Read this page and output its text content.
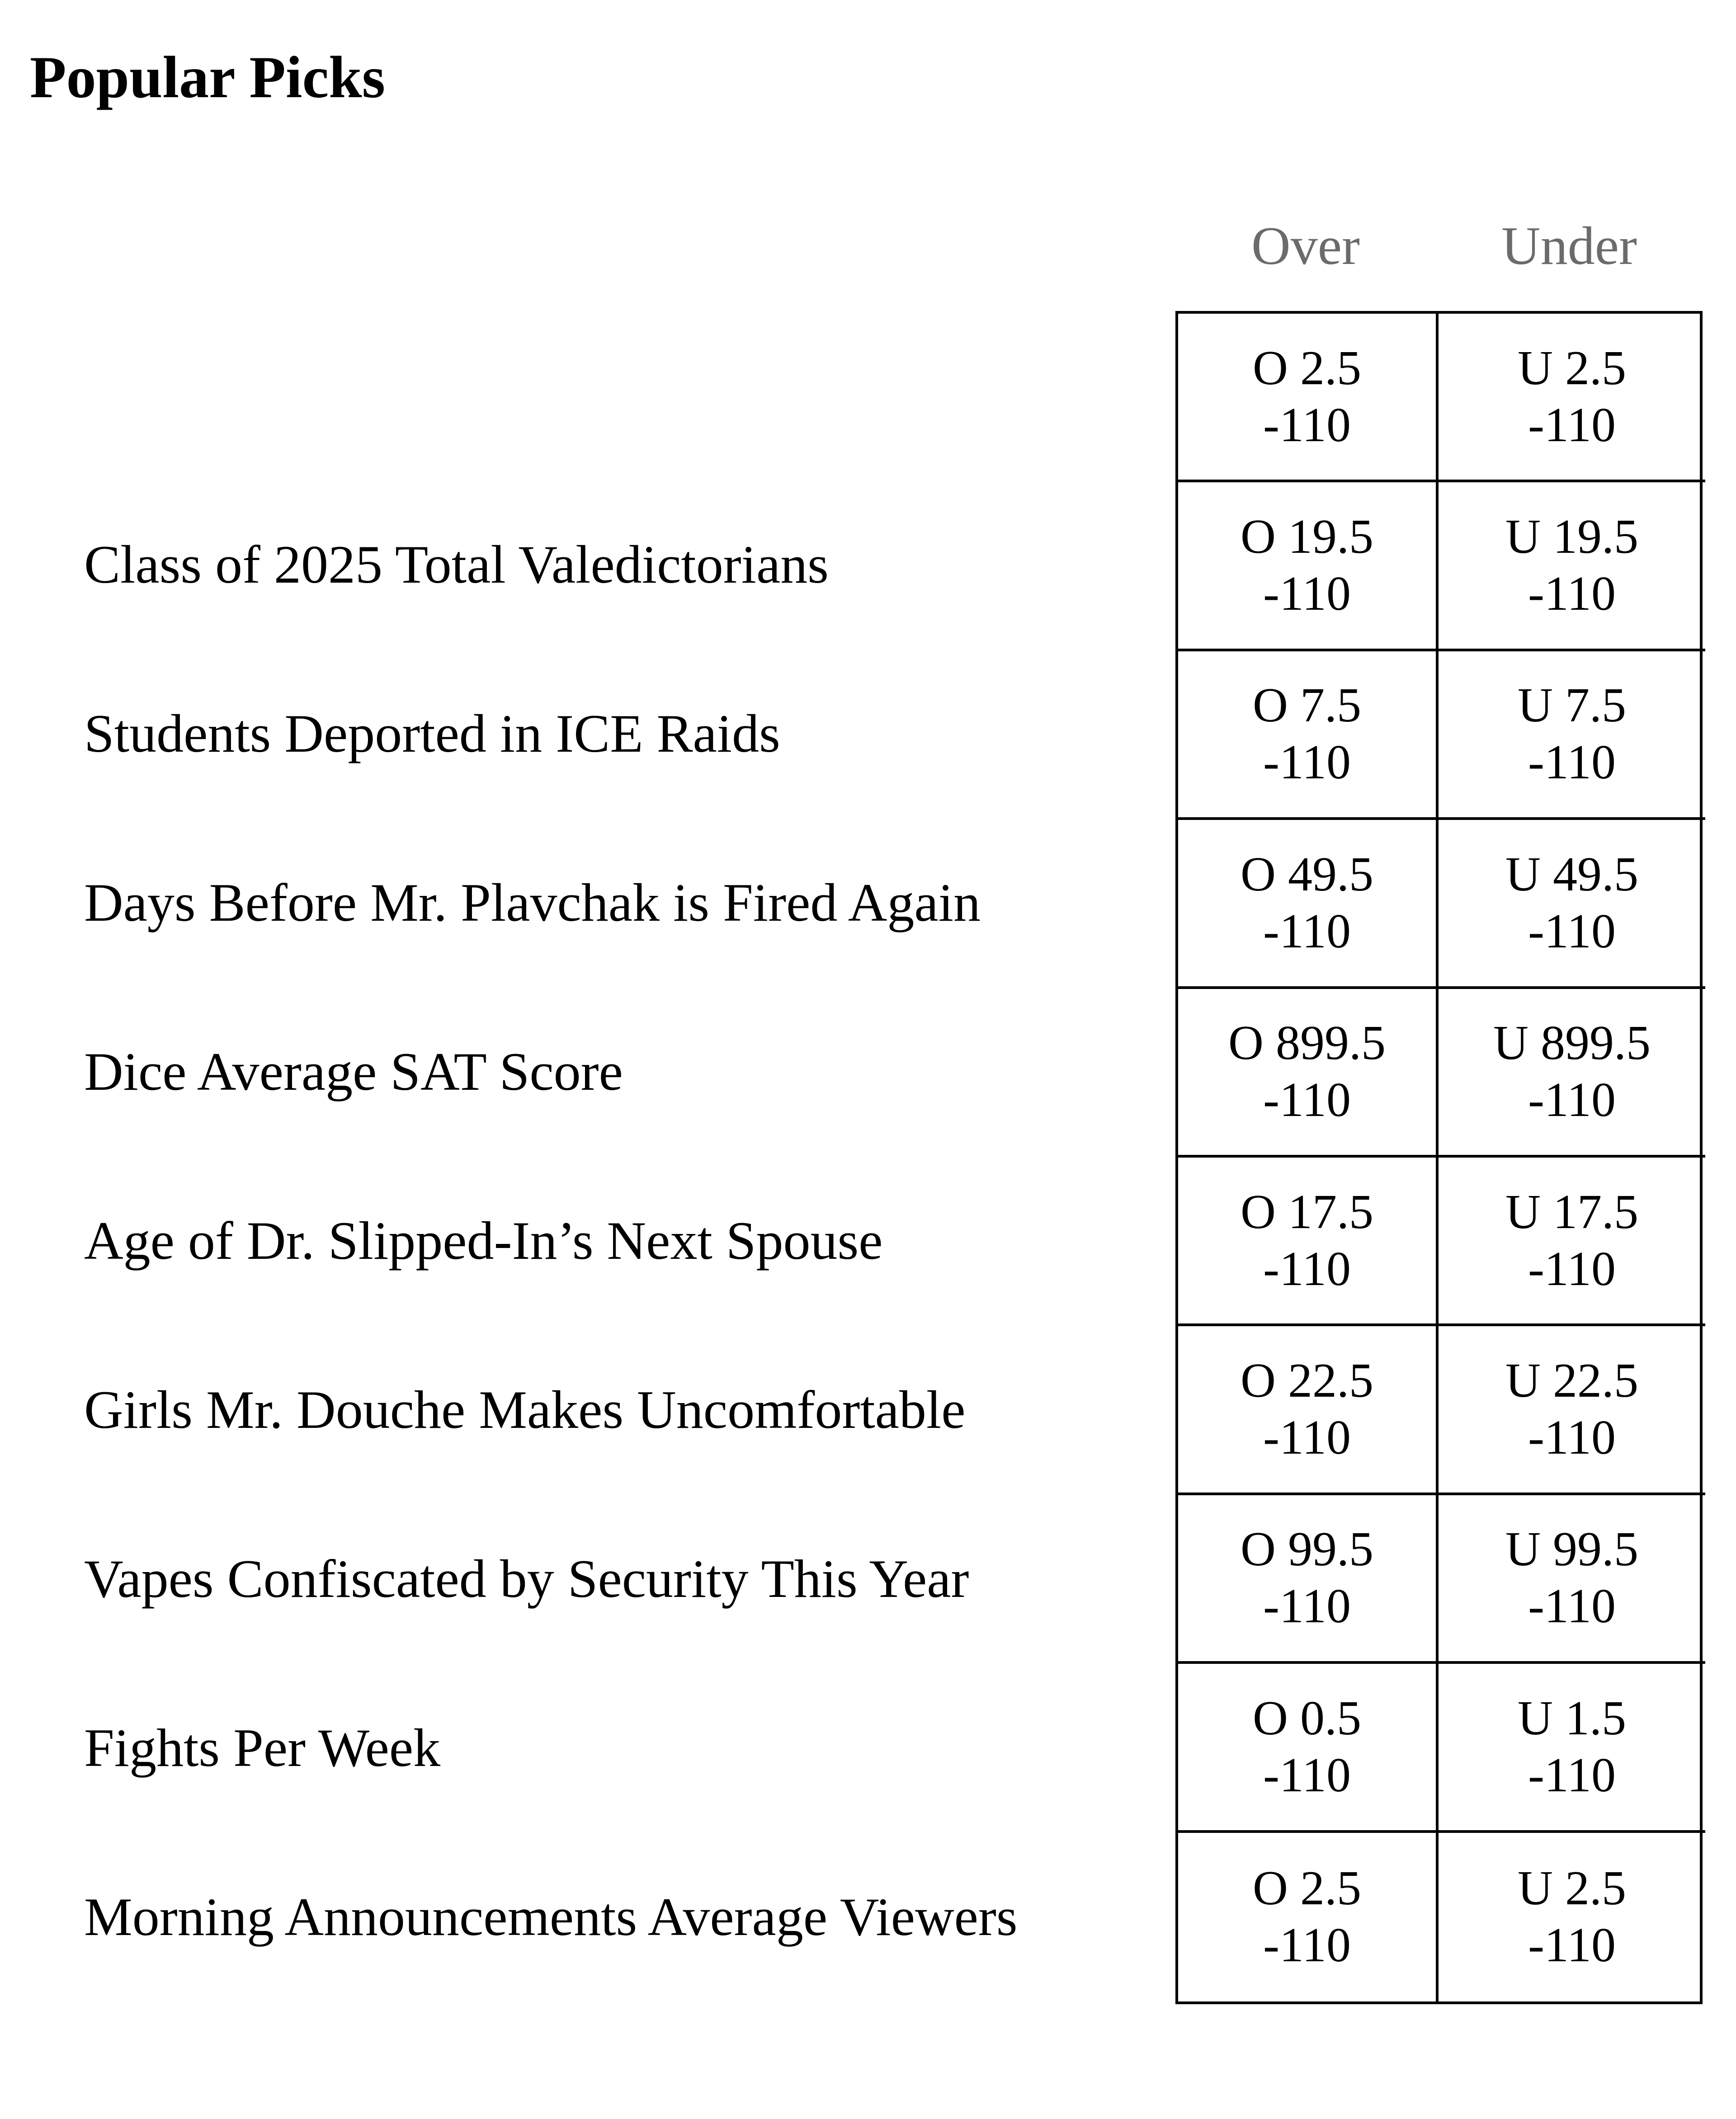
Popular Picks
Over	Under
Class of 2025 Total Valedictorians
Students Deported in ICE Raids
Days Before Mr. Plavchak is Fired Again
Dice Average SAT Score
Age of Dr. Slipped-In’s Next Spouse
Girls Mr. Douche Makes Uncomfortable
Vapes Confiscated by Security This Year
Fights Per Week
Morning Announcements Average Viewers
O 2.5
-110
U 2.5
-110
O 19.5
-110
U 19.5
-110
O 7.5
-110
U 7.5
-110
O 49.5
-110
U 49.5
-110
O 899.5
-110
U 899.5
-110
O 17.5
-110
U 17.5
-110
O 22.5
-110
U 22.5
-110
O 99.5
-110
U 99.5
-110
O 0.5
-110
U 1.5
-110
O 2.5
-110
U 2.5
-110
